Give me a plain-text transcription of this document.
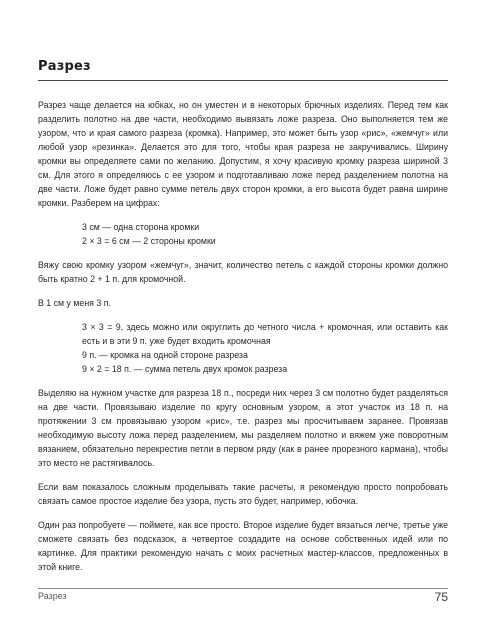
Разрез

Разрез чаще делается на юбках, но он уместен и в некоторых брючных изделиях. Перед тем как разделить полотно на две части, необходимо вывязать ложе разреза. Оно выполняется тем же узором, что и края самого разреза (кромка). Например, это может быть узор «рис», «жемчуг» или любой узор «резинка». Делается это для того, чтобы края разреза не закручивались. Ширину кромки вы определяете сами по желанию. Допустим, я хочу красивую кромку разреза шириной 3 см. Для этого я определяюсь с ее узором и подготавливаю ложе перед разделением полотна на две части. Ложе будет равно сумме петель двух сторон кромки, а его высота будет равна ширине кромки. Разберем на цифрах:

3 см — одна сторона кромки
2 × 3 = 6 см — 2 стороны кромки

Вяжу свою кромку узором «жемчуг», значит, количество петель с каждой стороны кромки должно быть кратно 2 + 1 п. для кромочной.

В 1 см у меня 3 п.

3 × 3 = 9, здесь можно или округлить до четного числа + кромочная, или оставить как есть и в эти 9 п. уже будет входить кромочная
9 п. — кромка на одной стороне разреза
9 × 2 = 18 п. — сумма петель двух кромок разреза

Выделяю на нужном участке для разреза 18 п., посреди них через 3 см полотно будет разделяться на две части. Провязываю изделие по кругу основным узором, а этот участок из 18 п. на протяжении 3 см провязываю узором «рис», т.е. разрез мы просчитываем заранее. Провязав необходимую высоту ложа перед разделением, мы разделяем полотно и вяжем уже поворотным вязанием, обязательно перекрестив петли в первом ряду (как в ранее прорезного кармана), чтобы это место не растягивалось.

Если вам показалось сложным проделывать такие расчеты, я рекомендую просто попробовать связать самое простое изделие без узора, пусть это будет, например, юбочка.

Один раз попробуете — поймете, как все просто. Второе изделие будет вязаться легче, третье уже сможете связать без подсказок, а четвертое создадите на основе собственных идей или по картинке. Для практики рекомендую начать с моих расчетных мастер-классов, предложенных в этой книге.

Разрез	75
